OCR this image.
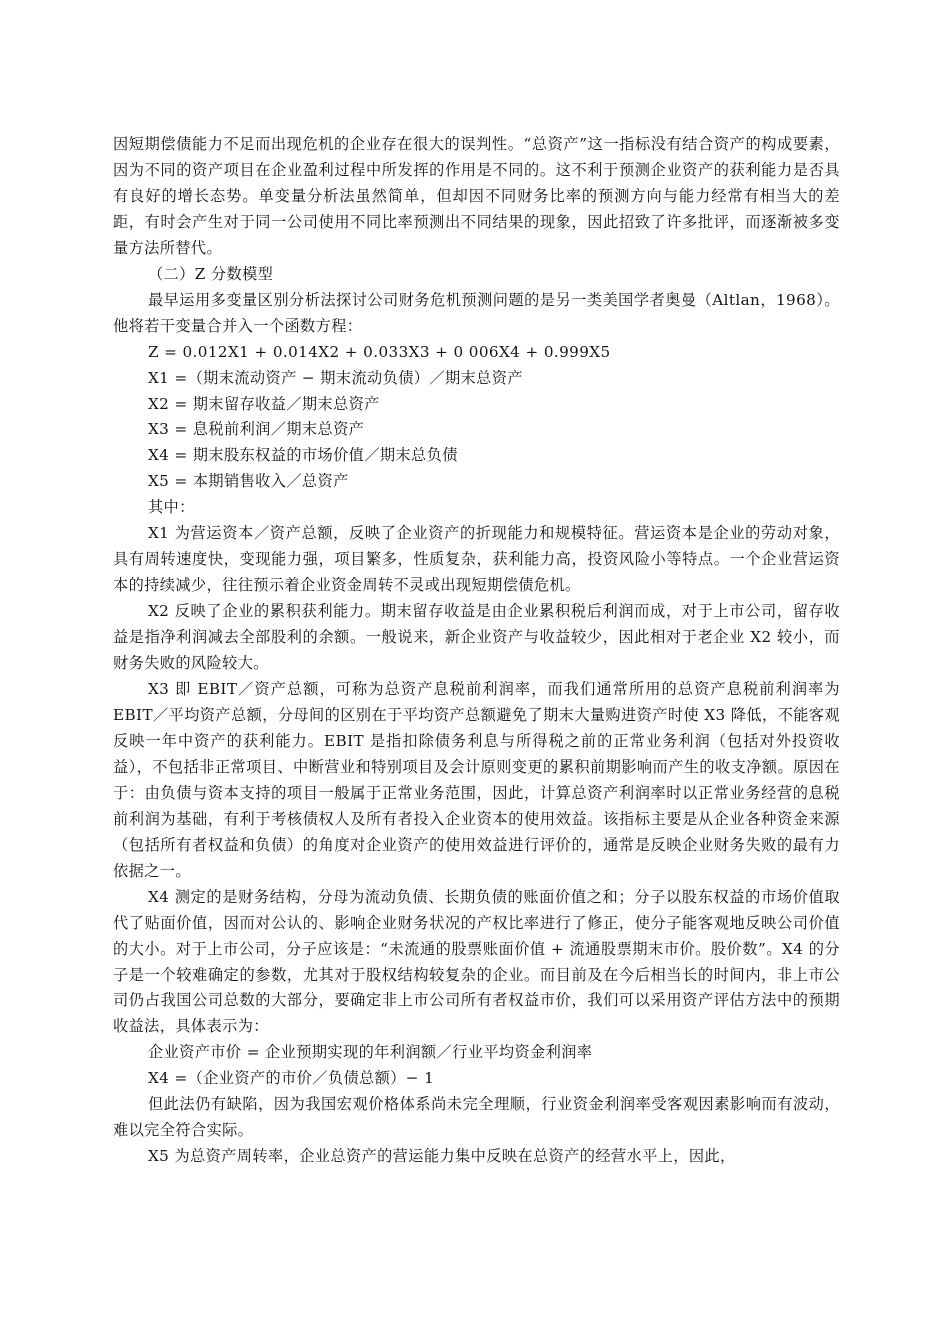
因短期偿债能力不足而出现危机的企业存在很大的误判性。“总资产”这一指标没有结合资产的构成要素，因为不同的资产项目在企业盈利过程中所发挥的作用是不同的。这不利于预测企业资产的获利能力是否具有良好的增长态势。单变量分析法虽然简单，但却因不同财务比率的预测方向与能力经常有相当大的差距，有时会产生对于同一公司使用不同比率预测出不同结果的现象，因此招致了许多批评，而逐渐被多变量方法所替代。

（二）Z 分数模型

最早运用多变量区别分析法探讨公司财务危机预测问题的是另一类美国学者奥曼（Altlan，1968）。他将若干变量合并入一个函数方程：

Z = 0.012X1 + 0.014X2 + 0.033X3 + 0 006X4 + 0.999X5

X1 =（期末流动资产 − 期末流动负债）／期末总资产

X2 = 期末留存收益／期末总资产

X3 = 息税前利润／期末总资产

X4 = 期末股东权益的市场价值／期末总负债

X5 = 本期销售收入／总资产

其中：

X1 为营运资本／资产总额，反映了企业资产的折现能力和规模特征。营运资本是企业的劳动对象，具有周转速度快，变现能力强，项目繁多，性质复杂，获利能力高，投资风险小等特点。一个企业营运资本的持续减少，往往预示着企业资金周转不灵或出现短期偿债危机。

X2 反映了企业的累积获利能力。期末留存收益是由企业累积税后利润而成，对于上市公司，留存收益是指净利润减去全部股利的余额。一般说来，新企业资产与收益较少，因此相对于老企业 X2 较小，而财务失败的风险较大。

X3 即 EBIT／资产总额，可称为总资产息税前利润率，而我们通常所用的总资产息税前利润率为 EBIT／平均资产总额，分母间的区别在于平均资产总额避免了期末大量购进资产时使 X3 降低，不能客观反映一年中资产的获利能力。EBIT 是指扣除债务利息与所得税之前的正常业务利润（包括对外投资收益），不包括非正常项目、中断营业和特别项目及会计原则变更的累积前期影响而产生的收支净额。原因在于：由负债与资本支持的项目一般属于正常业务范围，因此，计算总资产利润率时以正常业务经营的息税前利润为基础，有利于考核债权人及所有者投入企业资本的使用效益。该指标主要是从企业各种资金来源（包括所有者权益和负债）的角度对企业资产的使用效益进行评价的，通常是反映企业财务失败的最有力依据之一。

X4 测定的是财务结构，分母为流动负债、长期负债的账面价值之和；分子以股东权益的市场价值取代了贴面价值，因而对公认的、影响企业财务状况的产权比率进行了修正，使分子能客观地反映公司价值的大小。对于上市公司，分子应该是：“未流通的股票账面价值 + 流通股票期末市价。股价数”。X4 的分子是一个较难确定的参数，尤其对于股权结构较复杂的企业。而目前及在今后相当长的时间内，非上市公司仍占我国公司总数的大部分，要确定非上市公司所有者权益市价，我们可以采用资产评估方法中的预期收益法，具体表示为：

企业资产市价 = 企业预期实现的年利润额／行业平均资金利润率

X4 =（企业资产的市价／负债总额）− 1

但此法仍有缺陷，因为我国宏观价格体系尚未完全理顺，行业资金利润率受客观因素影响而有波动，难以完全符合实际。

X5 为总资产周转率，企业总资产的营运能力集中反映在总资产的经营水平上，因此，
